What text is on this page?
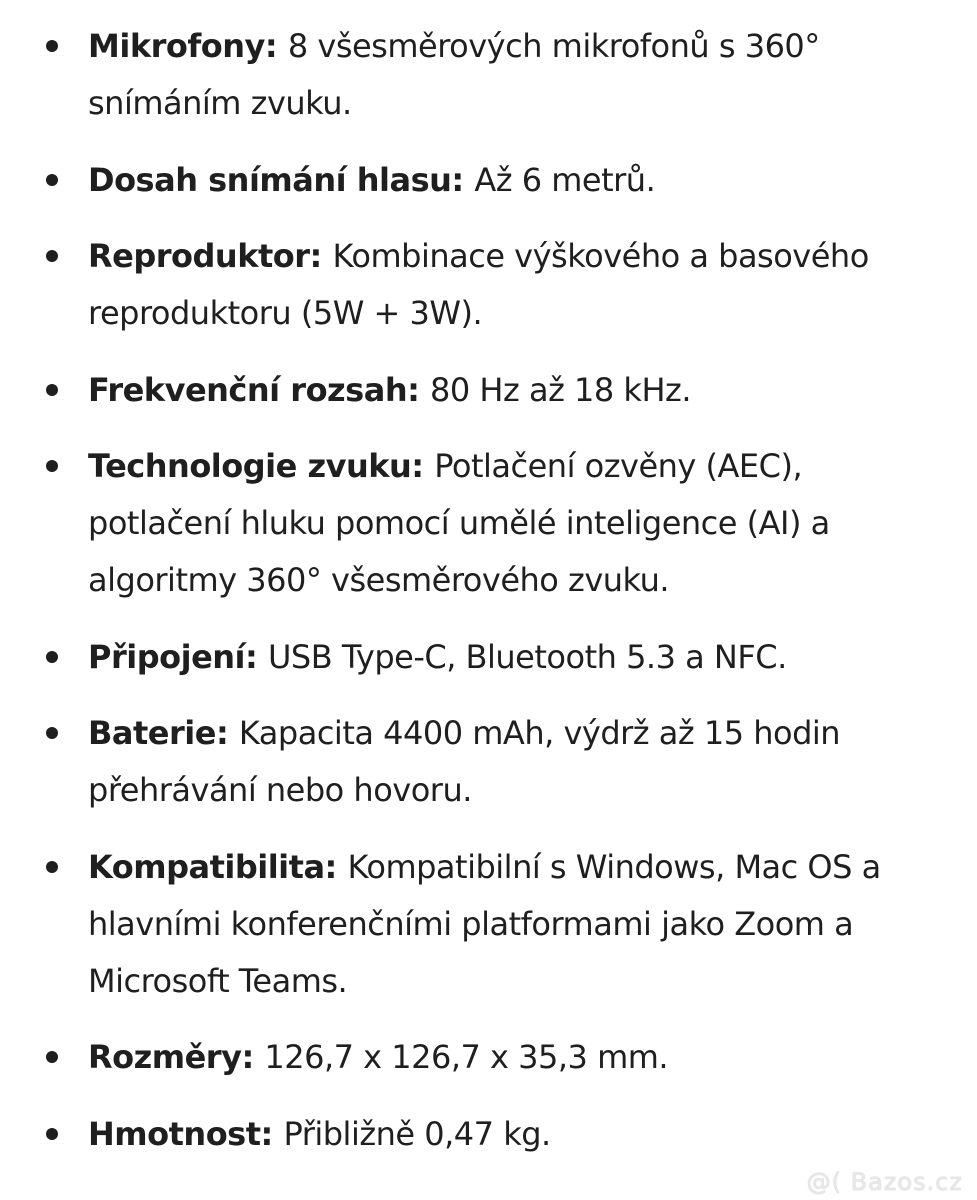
Mikrofony: 8 všesměrových mikrofonů s 360° snímáním zvuku.
Dosah snímání hlasu: Až 6 metrů.
Reproduktor: Kombinace výškového a basového reproduktoru (5W + 3W).
Frekvenční rozsah: 80 Hz až 18 kHz.
Technologie zvuku: Potlačení ozvěny (AEC), potlačení hluku pomocí umělé inteligence (AI) a algoritmy 360° všesměrového zvuku.
Připojení: USB Type-C, Bluetooth 5.3 a NFC.
Baterie: Kapacita 4400 mAh, výdrž až 15 hodin přehrávání nebo hovoru.
Kompatibilita: Kompatibilní s Windows, Mac OS a hlavními konferenčními platformami jako Zoom a Microsoft Teams.
Rozměry: 126,7 x 126,7 x 35,3 mm.
Hmotnost: Přibližně 0,47 kg.
@( Bazos.cz
